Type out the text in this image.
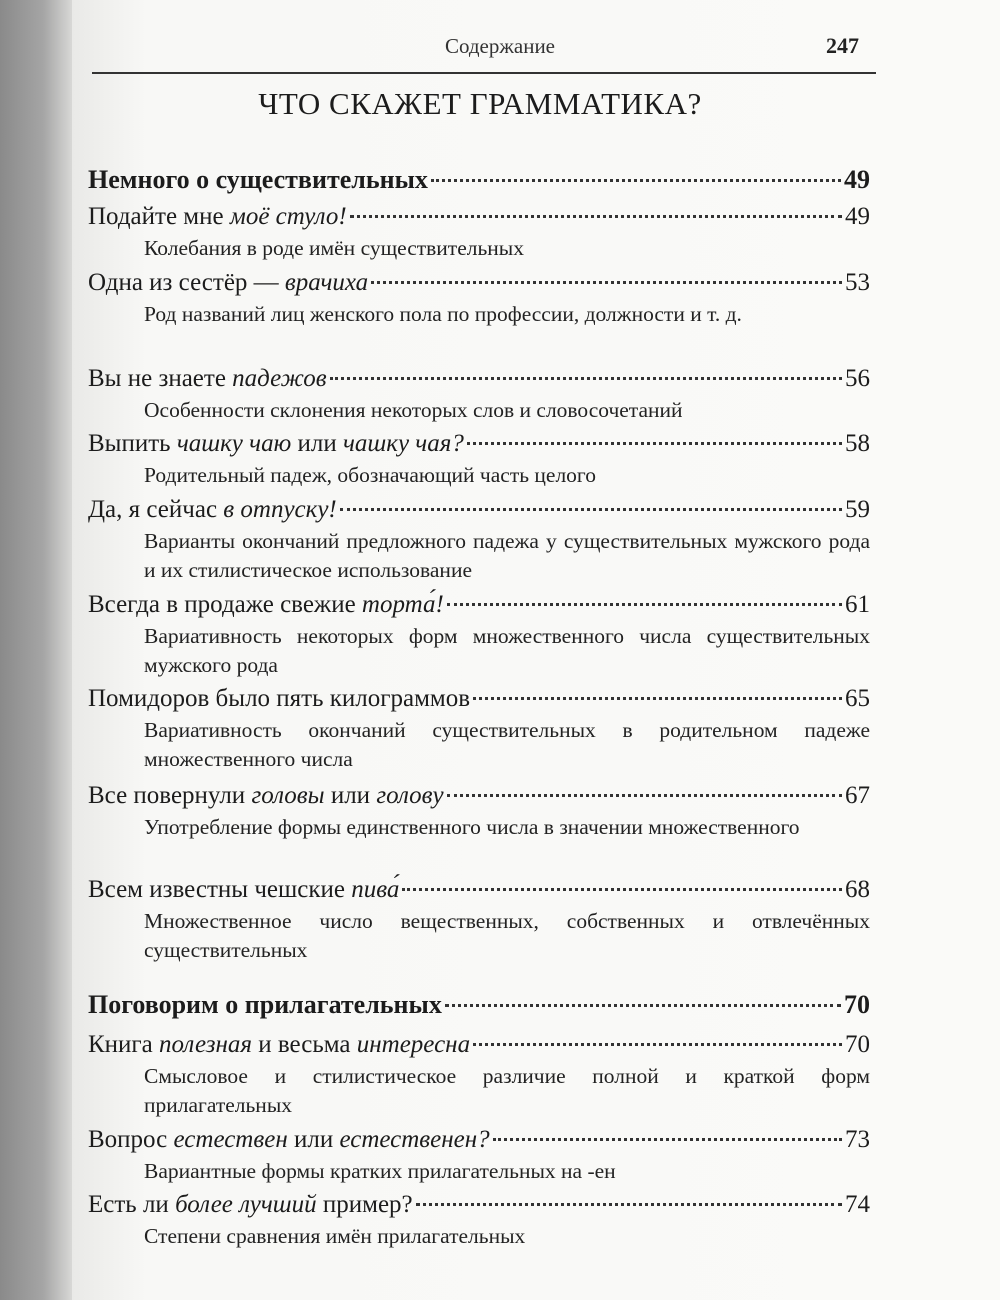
Содержание	247
ЧТО СКАЖЕТ ГРАММАТИКА?
Немного о существительных	49
Подайте мне моё стуло!	49
Колебания в роде имён существительных
Одна из сестёр — врачиха	53
Род названий лиц женского пола по профессии, должности и т. д.
Вы не знаете падежов	56
Особенности склонения некоторых слов и словосочетаний
Выпить чашку чаю или чашку чая?	58
Родительный падеж, обозначающий часть целого
Да, я сейчас в отпуску!	59
Варианты окончаний предложного падежа у существительных мужского рода и их стилистическое использование
Всегда в продаже свежие торта́!	61
Вариативность некоторых форм множественного числа существительных мужского рода
Помидоров было пять килограммов	65
Вариативность окончаний существительных в родительном падеже множественного числа
Все повернули головы или голову	67
Употребление формы единственного числа в значении множественного
Всем известны чешские пива́	68
Множественное число вещественных, собственных и отвлечённых существительных
Поговорим о прилагательных	70
Книга полезная и весьма интересна	70
Смысловое и стилистическое различие полной и краткой форм прилагательных
Вопрос естествен или естественен?	73
Вариантные формы кратких прилагательных на -ен
Есть ли более лучший пример?	74
Степени сравнения имён прилагательных
